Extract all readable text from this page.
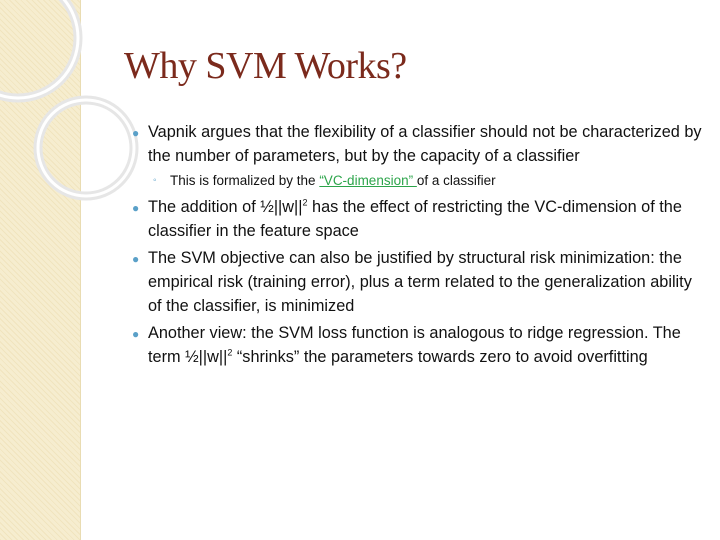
Why SVM Works?
● Vapnik argues that the flexibility of a classifier should not be characterized by the number of parameters, but by the capacity of a classifier
◦ This is formalized by the “VC-dimension” of a classifier
● The addition of $\frac{1}{2}||w||^2$ has the effect of restricting the VC-dimension of the classifier in the feature space
● The SVM objective can also be justified by structural risk minimization: the empirical risk (training error), plus a term related to the generalization ability of the classifier, is minimized
● Another view: the SVM loss function is analogous to ridge regression. The term $\frac{1}{2}||w||^2$ “shrinks” the parameters towards zero to avoid overfitting
